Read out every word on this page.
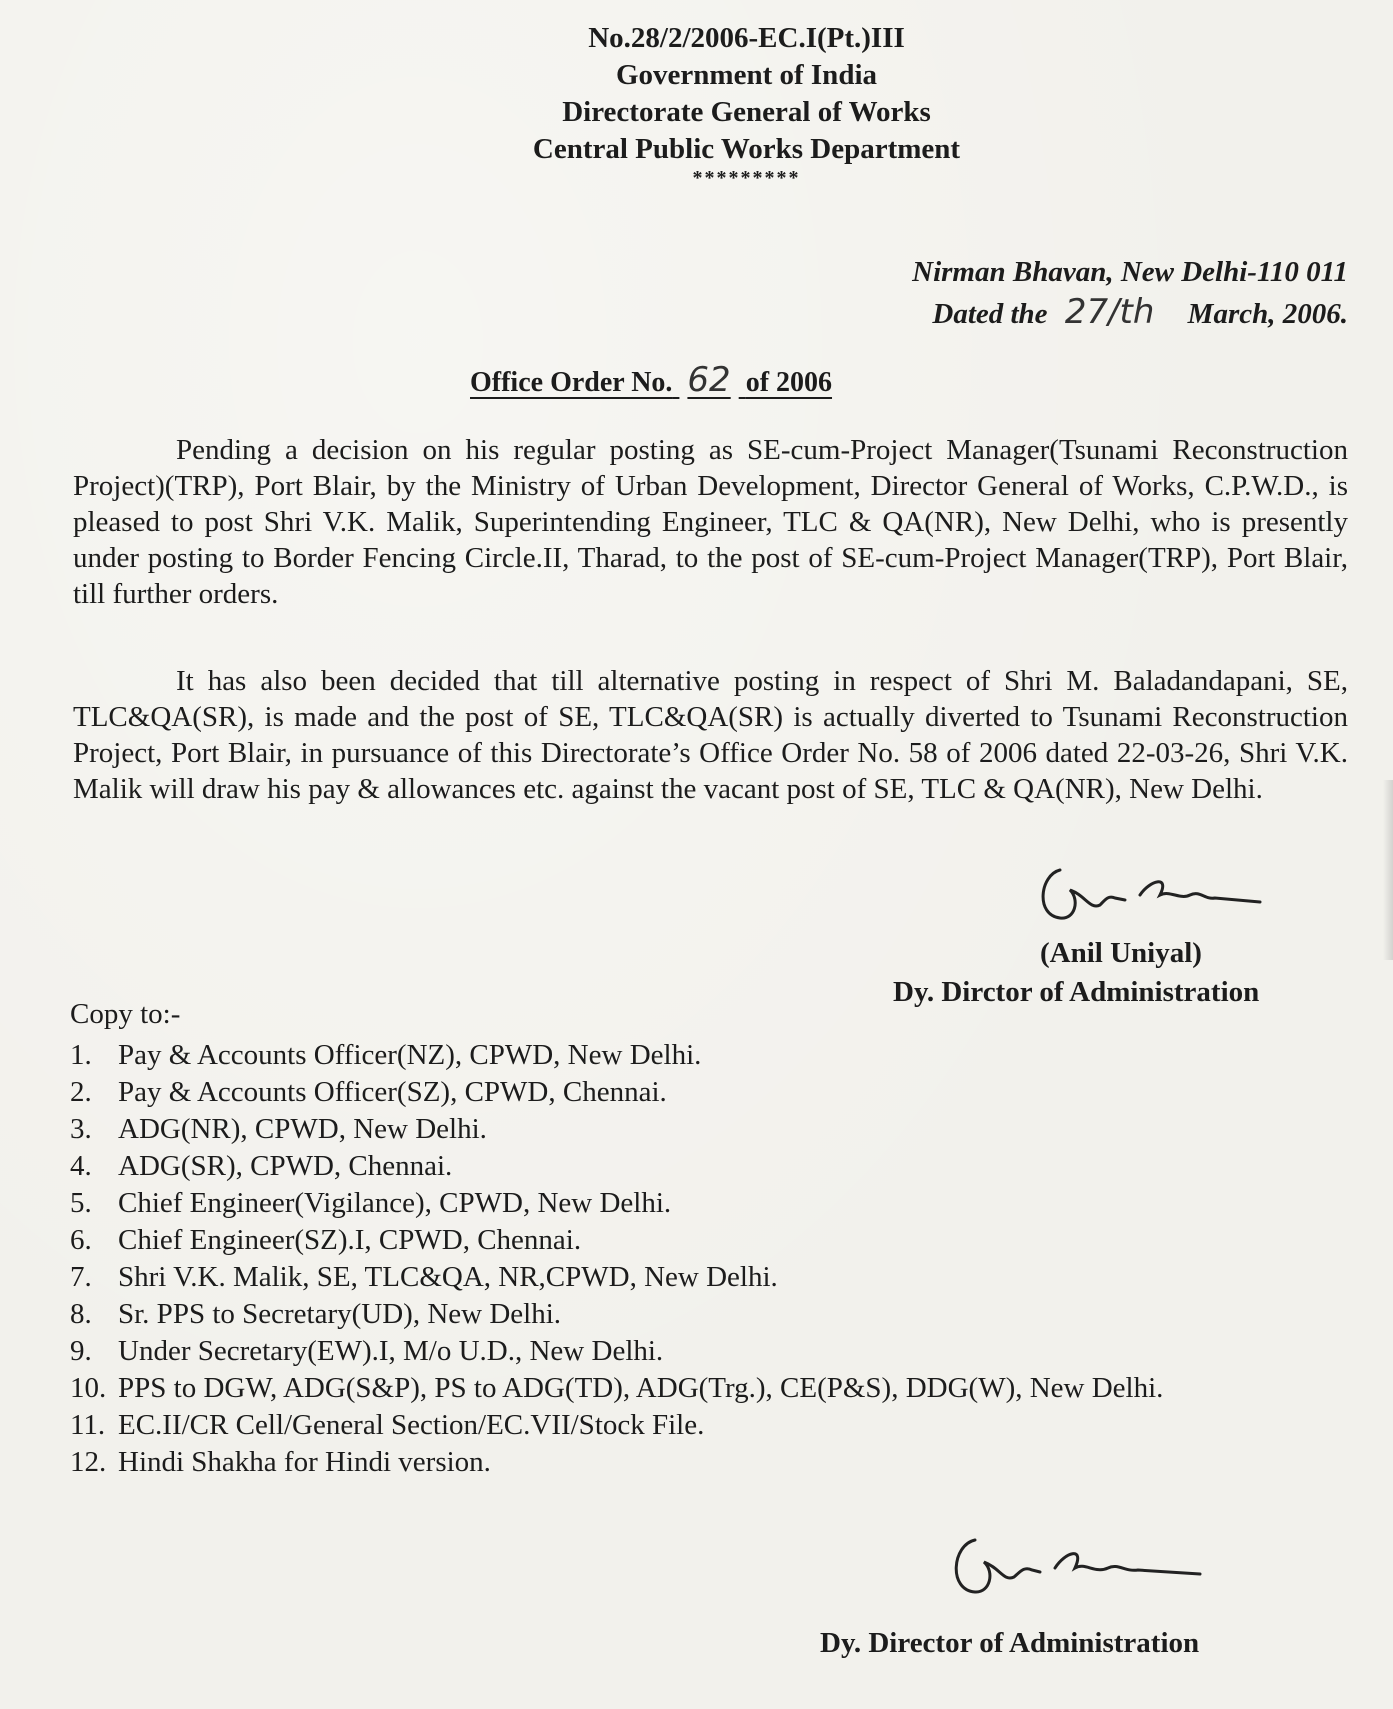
No.28/2/2006-EC.I(Pt.)III
Government of India
Directorate General of Works
Central Public Works Department
*********
Nirman Bhavan, New Delhi-110 011
Dated the 27/th March, 2006.
Office Order No. 62 of 2006

Pending a decision on his regular posting as SE-cum-Project Manager(Tsunami Reconstruction Project)(TRP), Port Blair, by the Ministry of Urban Development, Director General of Works, C.P.W.D., is pleased to post Shri V.K. Malik, Superintending Engineer, TLC & QA(NR), New Delhi, who is presently under posting to Border Fencing Circle.II, Tharad, to the post of SE-cum-Project Manager(TRP), Port Blair, till further orders.

It has also been decided that till alternative posting in respect of Shri M. Baladandapani, SE, TLC&QA(SR), is made and the post of SE, TLC&QA(SR) is actually diverted to Tsunami Reconstruction Project, Port Blair, in pursuance of this Directorate’s Office Order No. 58 of 2006 dated 22-03-26, Shri V.K. Malik will draw his pay & allowances etc. against the vacant post of SE, TLC & QA(NR), New Delhi.

(Anil Uniyal)
Dy. Dirctor of Administration
Copy to:-
1. Pay & Accounts Officer(NZ), CPWD, New Delhi.
2. Pay & Accounts Officer(SZ), CPWD, Chennai.
3. ADG(NR), CPWD, New Delhi.
4. ADG(SR), CPWD, Chennai.
5. Chief Engineer(Vigilance), CPWD, New Delhi.
6. Chief Engineer(SZ).I, CPWD, Chennai.
7. Shri V.K. Malik, SE, TLC&QA, NR,CPWD, New Delhi.
8. Sr. PPS to Secretary(UD), New Delhi.
9. Under Secretary(EW).I, M/o U.D., New Delhi.
10. PPS to DGW, ADG(S&P), PS to ADG(TD), ADG(Trg.), CE(P&S), DDG(W), New Delhi.
11. EC.II/CR Cell/General Section/EC.VII/Stock File.
12. Hindi Shakha for Hindi version.
Dy. Director of Administration
